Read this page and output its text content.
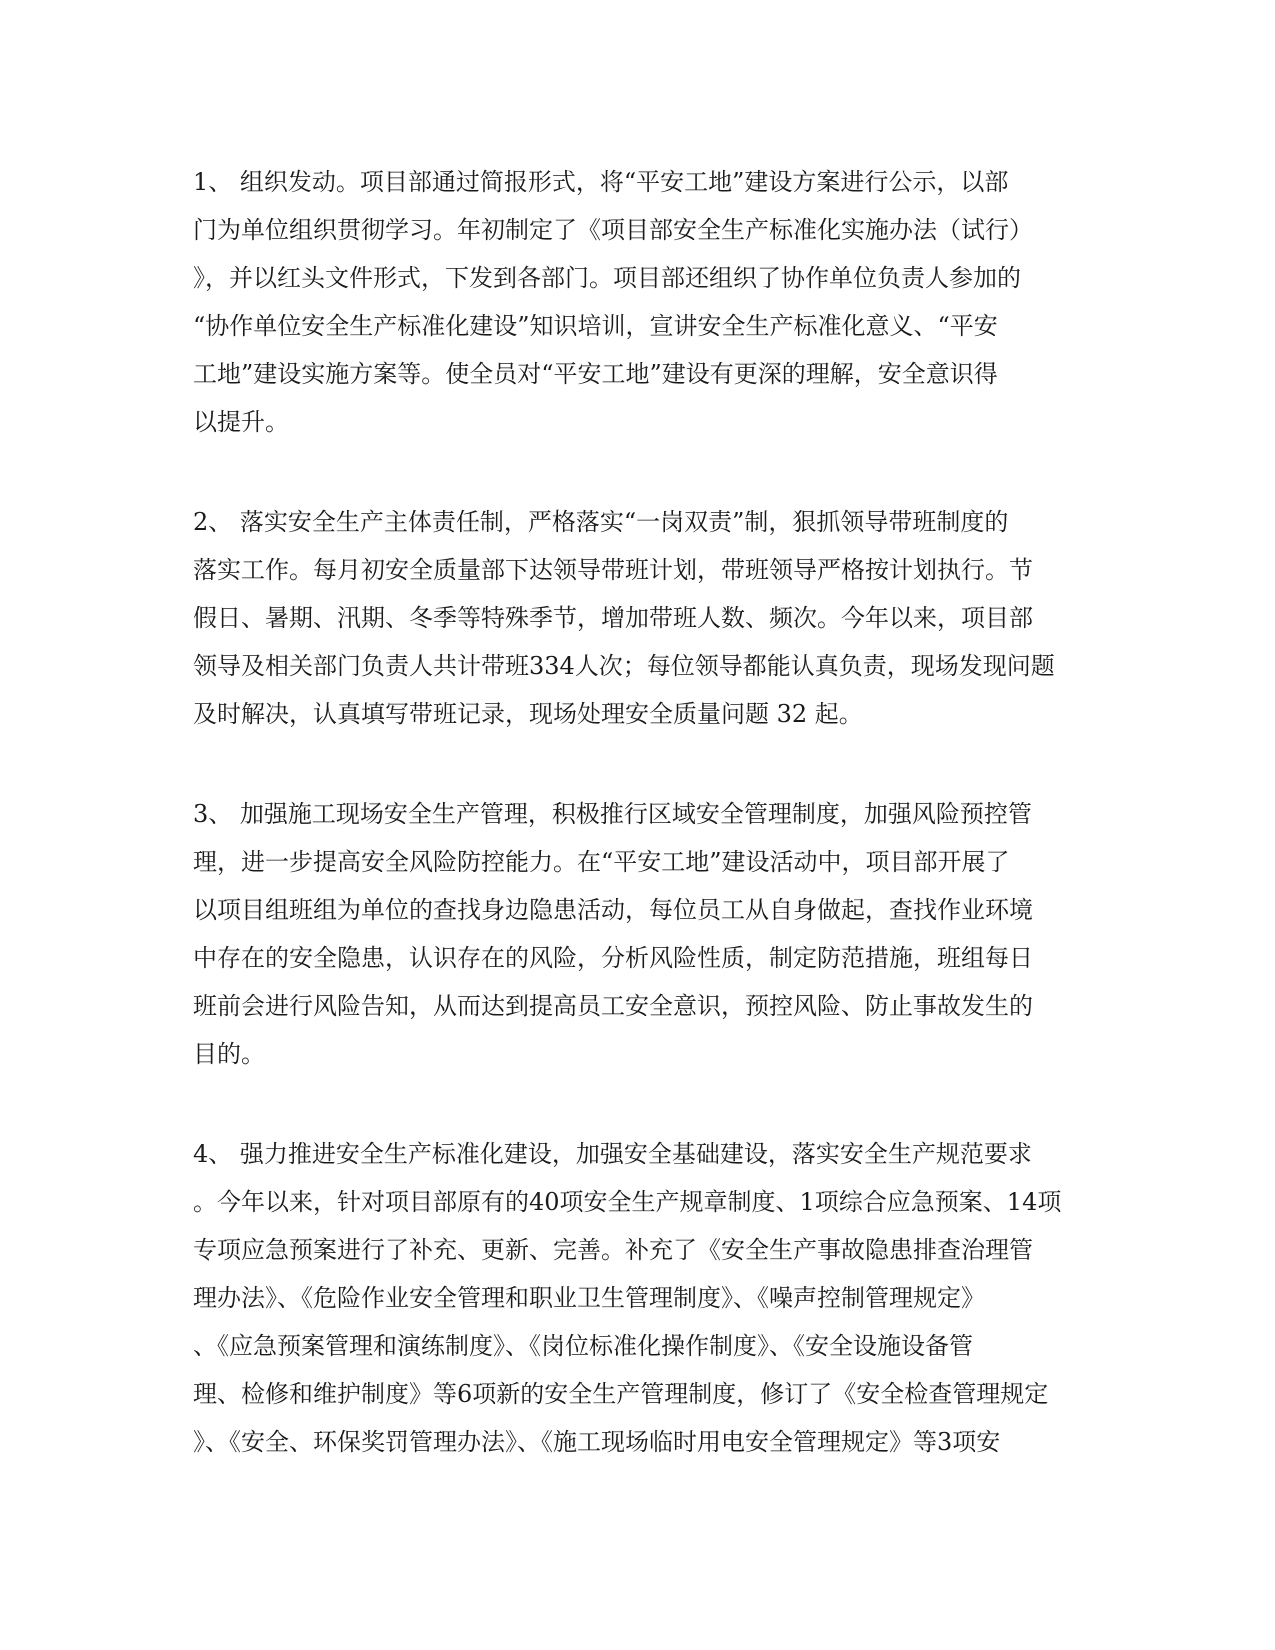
1、 组织发动。项目部通过简报形式，将“平安工地”建设方案进行公示，以部
门为单位组织贯彻学习。年初制定了《项目部安全生产标准化实施办法（试行）
》，并以红头文件形式，下发到各部门。项目部还组织了协作单位负责人参加的
“协作单位安全生产标准化建设”知识培训，宣讲安全生产标准化意义、“平安
工地”建设实施方案等。使全员对“平安工地”建设有更深的理解，安全意识得
以提升。
2、 落实安全生产主体责任制，严格落实“一岗双责”制，狠抓领导带班制度的
落实工作。每月初安全质量部下达领导带班计划，带班领导严格按计划执行。节
假日、暑期、汛期、冬季等特殊季节，增加带班人数、频次。今年以来，项目部
领导及相关部门负责人共计带班334人次；每位领导都能认真负责，现场发现问题
及时解决，认真填写带班记录，现场处理安全质量问题 32 起。
3、 加强施工现场安全生产管理，积极推行区域安全管理制度，加强风险预控管
理，进一步提高安全风险防控能力。在“平安工地”建设活动中，项目部开展了
以项目组班组为单位的查找身边隐患活动，每位员工从自身做起，查找作业环境
中存在的安全隐患，认识存在的风险，分析风险性质，制定防范措施，班组每日
班前会进行风险告知，从而达到提高员工安全意识，预控风险、防止事故发生的
目的。
4、 强力推进安全生产标准化建设，加强安全基础建设，落实安全生产规范要求
。今年以来，针对项目部原有的40项安全生产规章制度、1项综合应急预案、14项
专项应急预案进行了补充、更新、完善。补充了《安全生产事故隐患排查治理管
理办法》、《危险作业安全管理和职业卫生管理制度》、《噪声控制管理规定》
、《应急预案管理和演练制度》、《岗位标准化操作制度》、《安全设施设备管
理、检修和维护制度》等6项新的安全生产管理制度，修订了《安全检查管理规定
》、《安全、环保奖罚管理办法》、《施工现场临时用电安全管理规定》等3项安
